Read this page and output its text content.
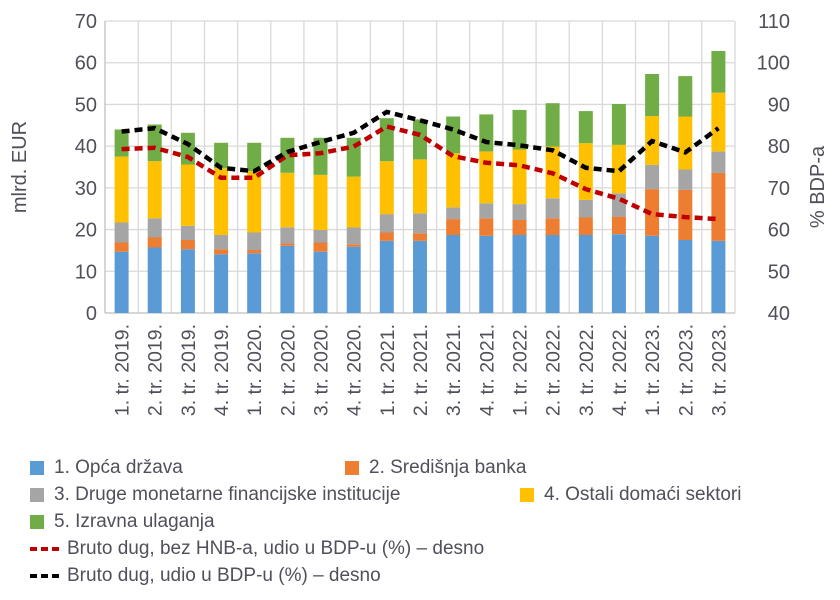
0
10
20
30
40
50
60
70
40
50
60
70
80
90
100
110
mlrd. EUR	% BDP-a
1. tr. 2019. 2. tr. 2019. 3. tr. 2019. 4. tr. 2019. 1. tr. 2020. 2. tr. 2020. 3. tr. 2020. 4. tr. 2020. 1. tr. 2021. 2. tr. 2021. 3. tr. 2021. 4. tr. 2021. 1. tr. 2022. 2. tr. 2022. 3. tr. 2022. 4. tr. 2022. 1. tr. 2023. 2. tr. 2023. 3. tr. 2023.
1. Opća država	2. Središnja banka
3. Druge monetarne financijske institucije	4. Ostali domaći sektori
5. Izravna ulaganja
Bruto dug, bez HNB-a, udio u BDP-u (%) – desno
Bruto dug, udio u BDP-u (%) – desno
